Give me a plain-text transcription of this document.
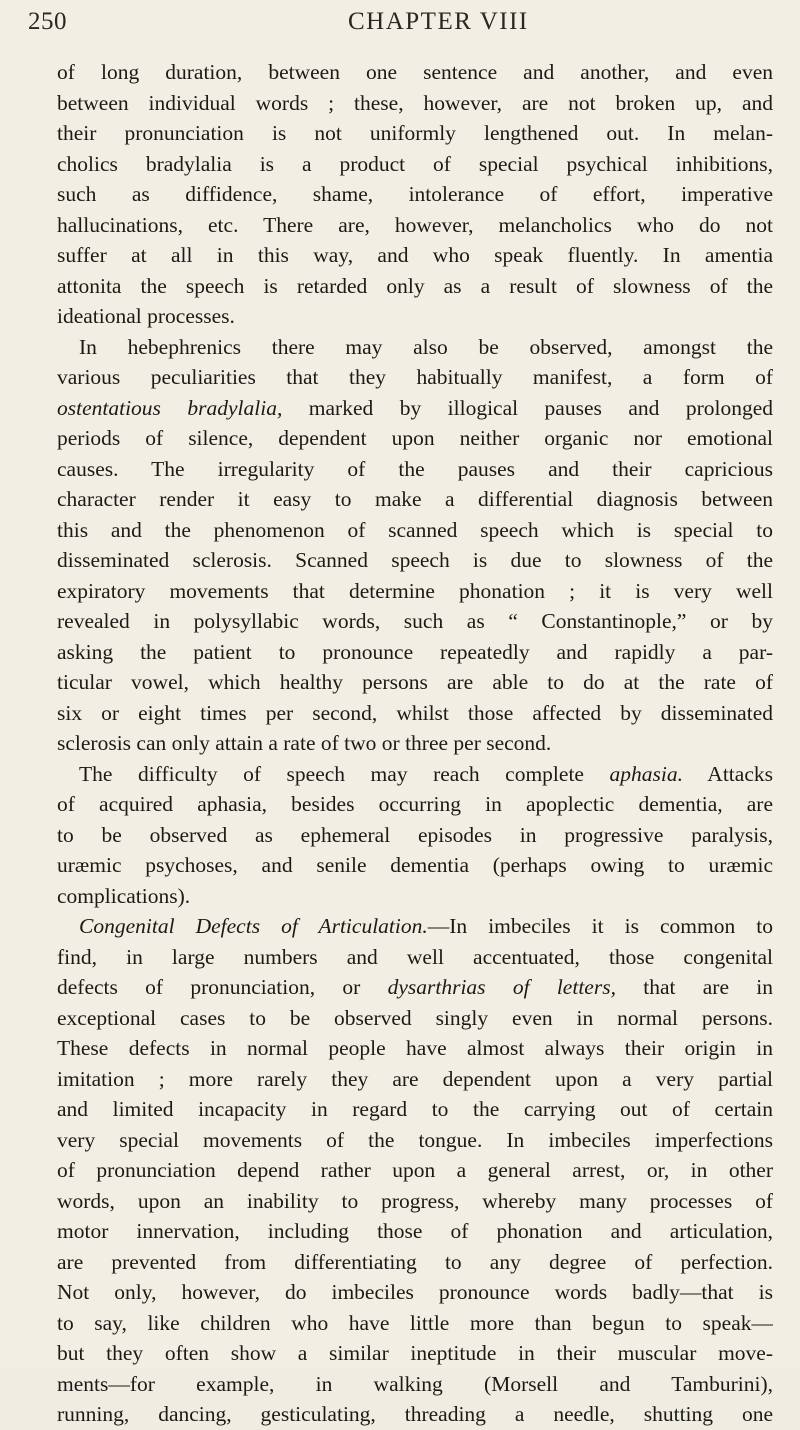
250	CHAPTER VIII
of long duration, between one sentence and another, and even
between individual words ; these, however, are not broken up, and
their pronunciation is not uniformly lengthened out. In melan-
cholics bradylalia is a product of special psychical inhibitions,
such as diffidence, shame, intolerance of effort, imperative
hallucinations, etc. There are, however, melancholics who do not
suffer at all in this way, and who speak fluently. In amentia
attonita the speech is retarded only as a result of slowness of the
ideational processes.
In hebephrenics there may also be observed, amongst the
various peculiarities that they habitually manifest, a form of
ostentatious bradylalia, marked by illogical pauses and prolonged
periods of silence, dependent upon neither organic nor emotional
causes. The irregularity of the pauses and their capricious
character render it easy to make a differential diagnosis between
this and the phenomenon of scanned speech which is special to
disseminated sclerosis. Scanned speech is due to slowness of the
expiratory movements that determine phonation ; it is very well
revealed in polysyllabic words, such as “ Constantinople,” or by
asking the patient to pronounce repeatedly and rapidly a par-
ticular vowel, which healthy persons are able to do at the rate of
six or eight times per second, whilst those affected by disseminated
sclerosis can only attain a rate of two or three per second.
The difficulty of speech may reach complete aphasia. Attacks
of acquired aphasia, besides occurring in apoplectic dementia, are
to be observed as ephemeral episodes in progressive paralysis,
uræmic psychoses, and senile dementia (perhaps owing to uræmic
complications).
Congenital Defects of Articulation.—In imbeciles it is common to
find, in large numbers and well accentuated, those congenital
defects of pronunciation, or dysarthrias of letters, that are in
exceptional cases to be observed singly even in normal persons.
These defects in normal people have almost always their origin in
imitation ; more rarely they are dependent upon a very partial
and limited incapacity in regard to the carrying out of certain
very special movements of the tongue. In imbeciles imperfections
of pronunciation depend rather upon a general arrest, or, in other
words, upon an inability to progress, whereby many processes of
motor innervation, including those of phonation and articulation,
are prevented from differentiating to any degree of perfection.
Not only, however, do imbeciles pronounce words badly—that is
to say, like children who have little more than begun to speak—
but they often show a similar ineptitude in their muscular move-
ments—for example, in walking (Morsell and Tamburini),
running, dancing, gesticulating, threading a needle, shutting one
